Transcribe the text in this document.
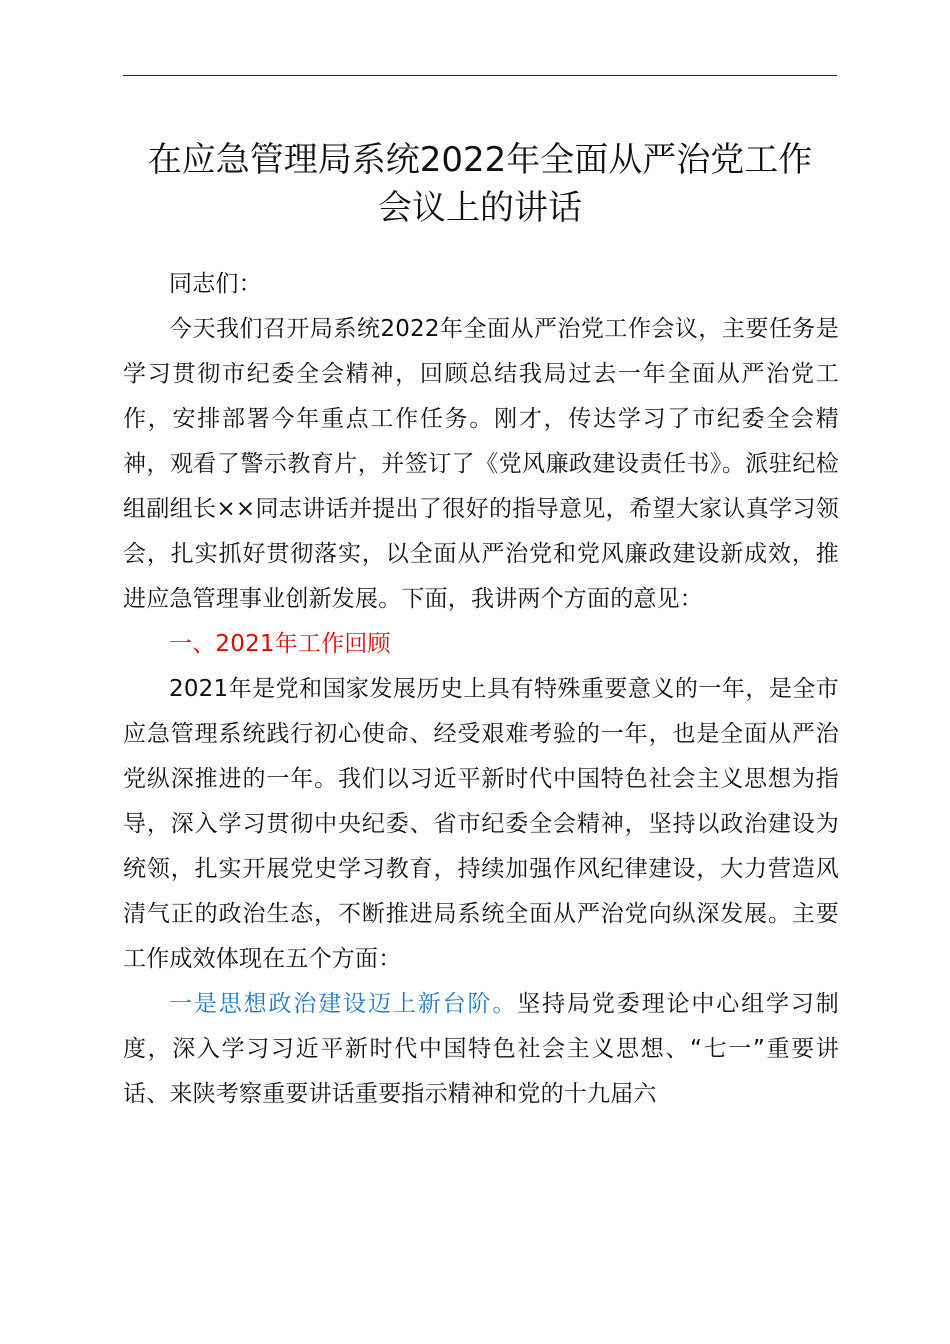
在应急管理局系统2022年全面从严治党工作
会议上的讲话

同志们：

今天我们召开局系统2022年全面从严治党工作会议，主要任务是学习贯彻市纪委全会精神，回顾总结我局过去一年全面从严治党工作，安排部署今年重点工作任务。刚才，传达学习了市纪委全会精神，观看了警示教育片，并签订了《党风廉政建设责任书》。派驻纪检组副组长××同志讲话并提出了很好的指导意见，希望大家认真学习领会，扎实抓好贯彻落实，以全面从严治党和党风廉政建设新成效，推进应急管理事业创新发展。下面，我讲两个方面的意见：

一、2021年工作回顾

2021年是党和国家发展历史上具有特殊重要意义的一年，是全市应急管理系统践行初心使命、经受艰难考验的一年，也是全面从严治党纵深推进的一年。我们以习近平新时代中国特色社会主义思想为指导，深入学习贯彻中央纪委、省市纪委全会精神，坚持以政治建设为统领，扎实开展党史学习教育，持续加强作风纪律建设，大力营造风清气正的政治生态，不断推进局系统全面从严治党向纵深发展。主要工作成效体现在五个方面：

一是思想政治建设迈上新台阶。坚持局党委理论中心组学习制度，深入学习习近平新时代中国特色社会主义思想、“七一”重要讲话、来陕考察重要讲话重要指示精神和党的十九届六
